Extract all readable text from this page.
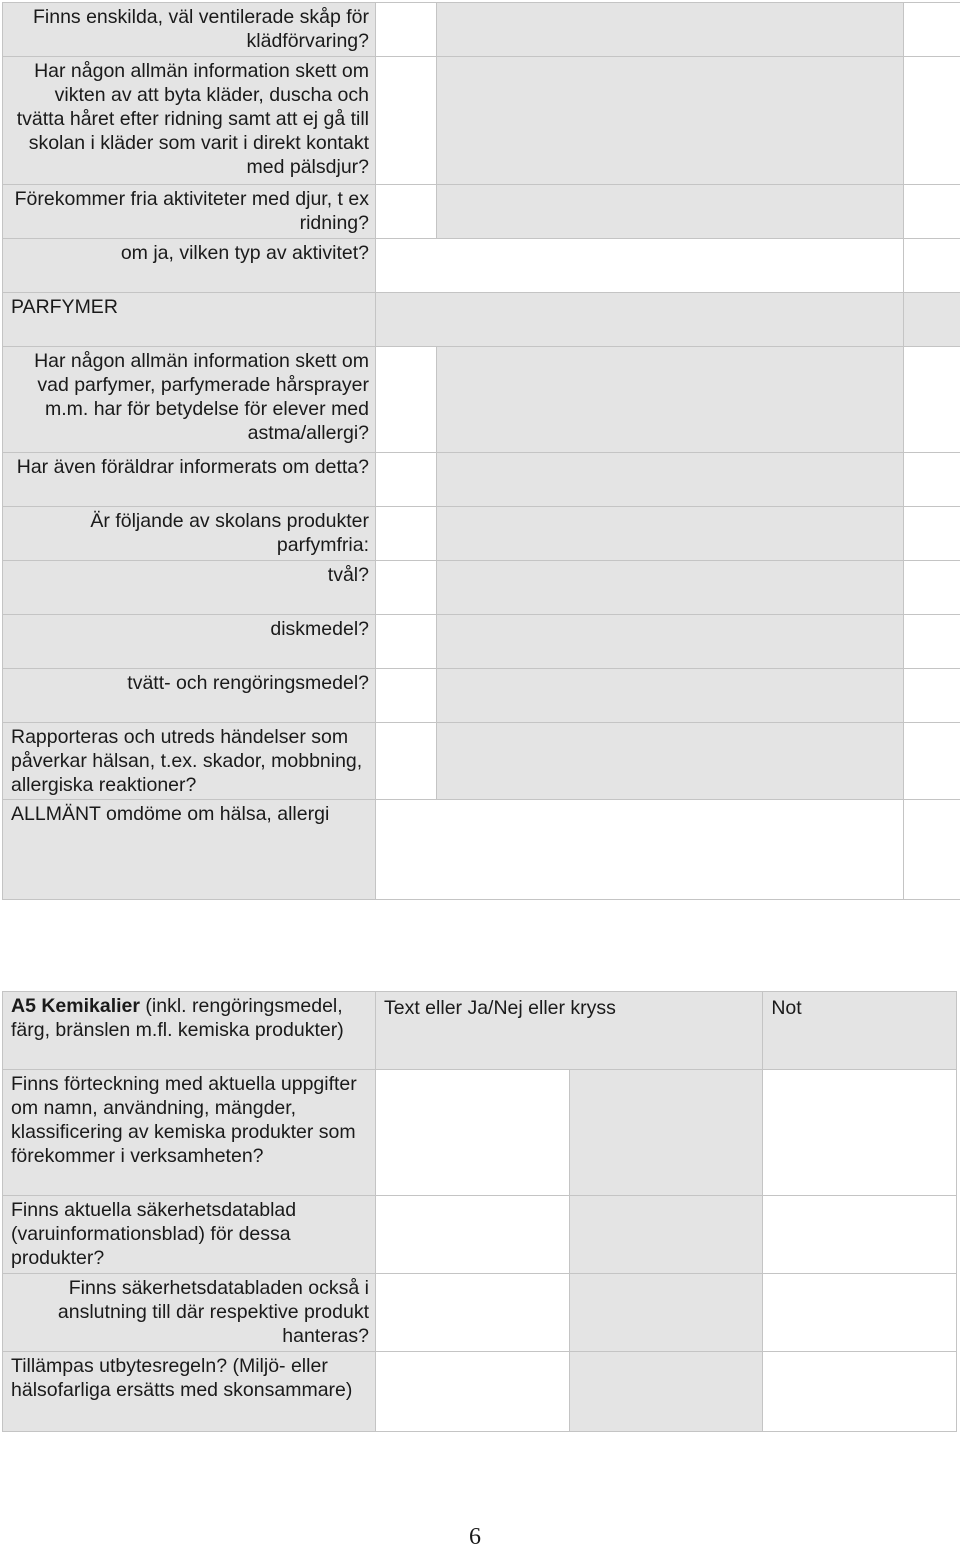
Finns enskilda, väl ventilerade skåp för klädförvaring?			
Har någon allmän information skett om vikten av att byta kläder, duscha och tvätta håret efter ridning samt att ej gå till skolan i kläder som varit i direkt kontakt med pälsdjur?			
Förekommer fria aktiviteter med djur, t ex ridning?			
om ja, vilken typ av aktivitet?			
PARFYMER			
Har någon allmän information skett om vad parfymer, parfymerade hårsprayer m.m. har för betydelse för elever med astma/allergi?			
Har även föräldrar informerats om detta?			
Är följande av skolans produkter parfymfria:			
tvål?			
diskmedel?			
tvätt- och rengöringsmedel?			
Rapporteras och utreds händelser som påverkar hälsan, t.ex. skador, mobbning, allergiska reaktioner?			
ALLMÄNT omdöme om hälsa, allergi			
A5 Kemikalier (inkl. rengöringsmedel, färg, bränslen m.fl. kemiska produkter)	Text eller Ja/Nej eller kryss		Not
Finns förteckning med aktuella uppgifter om namn, användning, mängder, klassificering av kemiska produkter som förekommer i verksamheten?			
Finns aktuella säkerhetsdatablad (varuinformationsblad) för dessa produkter?			
Finns säkerhetsdatabladen också i anslutning till där respektive produkt hanteras?			
Tillämpas utbytesregeln? (Miljö- eller hälsofarliga ersätts med skonsammare)			
6
